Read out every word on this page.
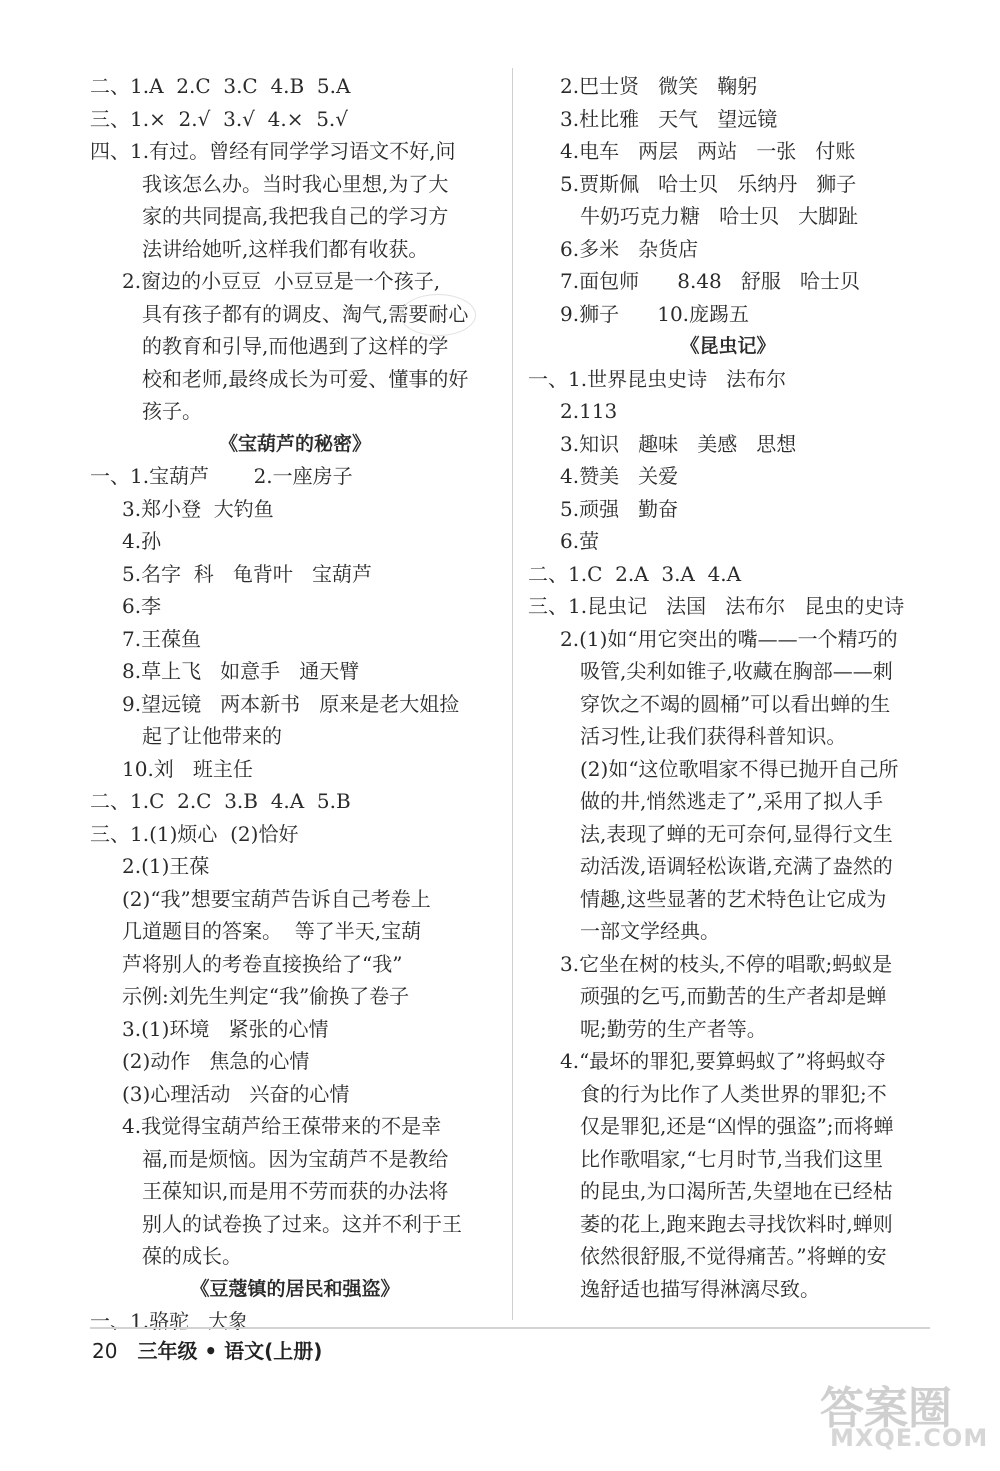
二、1.A  2.C  3.C  4.B  5.A
三、1.×  2.√  3.√  4.×  5.√
四、1.有过。曾经有同学学习语文不好,问
我该怎么办。当时我心里想,为了大
家的共同提高,我把我自己的学习方
法讲给她听,这样我们都有收获。
2.窗边的小豆豆  小豆豆是一个孩子,
具有孩子都有的调皮、淘气,需要耐心
的教育和引导,而他遇到了这样的学
校和老师,最终成长为可爱、懂事的好
孩子。
《宝葫芦的秘密》
一、1.宝葫芦       2.一座房子
3.郑小登  大钓鱼
4.孙
5.名字  科   龟背叶   宝葫芦
6.李
7.王葆鱼
8.草上飞   如意手   通天臂
9.望远镜   两本新书   原来是老大姐捡
起了让他带来的
10.刘   班主任
二、1.C  2.C  3.B  4.A  5.B
三、1.(1)烦心  (2)恰好
2.(1)王葆
(2)“我”想要宝葫芦告诉自己考卷上
几道题目的答案。  等了半天,宝葫
芦将别人的考卷直接换给了“我”
示例:刘先生判定“我”偷换了卷子
3.(1)环境   紧张的心情
(2)动作   焦急的心情
(3)心理活动   兴奋的心情
4.我觉得宝葫芦给王葆带来的不是幸
福,而是烦恼。因为宝葫芦不是教给
王葆知识,而是用不劳而获的办法将
别人的试卷换了过来。这并不利于王
葆的成长。
《豆蔻镇的居民和强盗》
一、1.骆驼   大象
2.巴士贤   微笑   鞠躬
3.杜比雅   天气   望远镜
4.电车   两层   两站   一张   付账
5.贾斯佩   哈士贝   乐纳丹   狮子
牛奶巧克力糖   哈士贝   大脚趾
6.多米   杂货店
7.面包师      8.48   舒服   哈士贝
9.狮子      10.庞踢五
《昆虫记》
一、1.世界昆虫史诗   法布尔
2.113
3.知识   趣味   美感   思想
4.赞美   关爱
5.顽强   勤奋
6.萤
二、1.C  2.A  3.A  4.A
三、1.昆虫记   法国   法布尔   昆虫的史诗
2.(1)如“用它突出的嘴——一个精巧的
吸管,尖利如锥子,收藏在胸部——刺
穿饮之不竭的圆桶”可以看出蝉的生
活习性,让我们获得科普知识。
(2)如“这位歌唱家不得已抛开自己所
做的井,悄然逃走了”,采用了拟人手
法,表现了蝉的无可奈何,显得行文生
动活泼,语调轻松诙谐,充满了盎然的
情趣,这些显著的艺术特色让它成为
一部文学经典。
3.它坐在树的枝头,不停的唱歌;蚂蚁是
顽强的乞丐,而勤苦的生产者却是蝉
呢;勤劳的生产者等。
4.“最坏的罪犯,要算蚂蚁了”将蚂蚁夺
食的行为比作了人类世界的罪犯;不
仅是罪犯,还是“凶悍的强盗”;而将蝉
比作歌唱家,“七月时节,当我们这里
的昆虫,为口渴所苦,失望地在已经枯
萎的花上,跑来跑去寻找饮料时,蝉则
依然很舒服,不觉得痛苦。”将蝉的安
逸舒适也描写得淋漓尽致。
20 三年级 • 语文(上册)
答案圈
MXQE.COM
